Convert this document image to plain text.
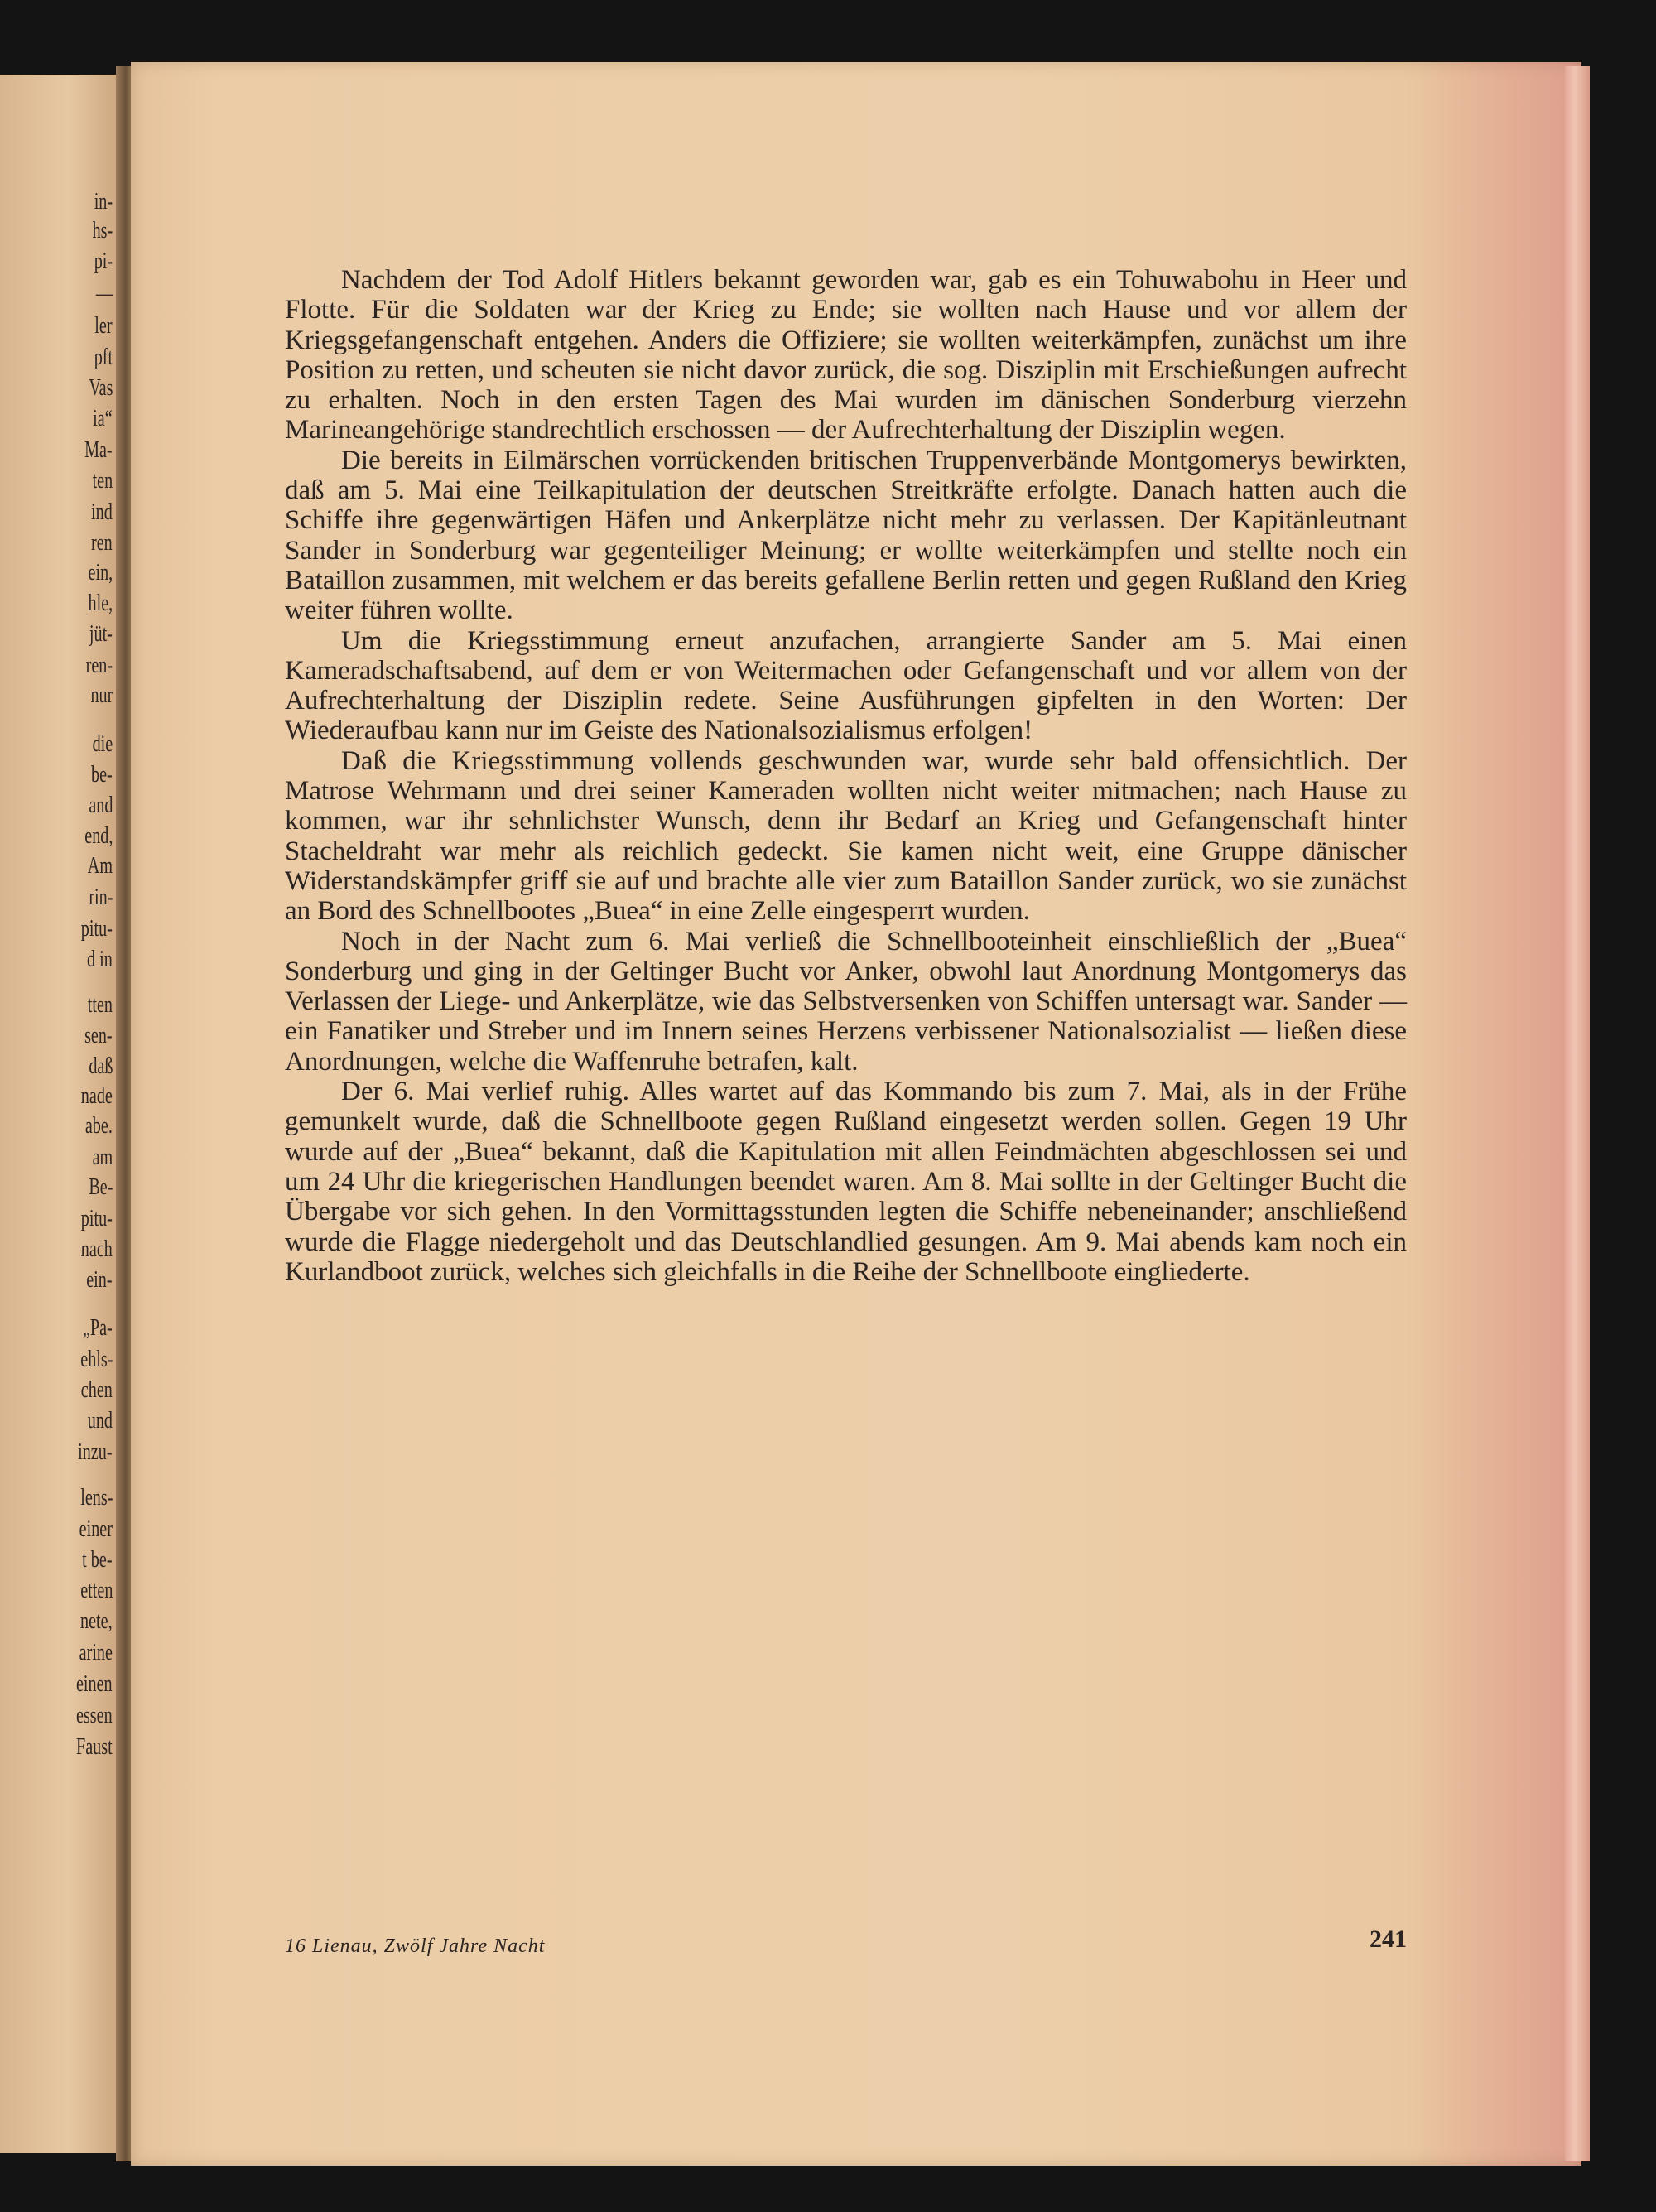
in-
hs-
pi-
—
ler
pft
Vas
ia“
Ma-
ten
ind
ren
ein,
hle,
jüt-
ren-
nur
die
be-
and
end,
Am
rin-
pitu-
d in
tten
sen-
daß
nade
abe.
am
Be-
pitu-
nach
ein-
„Pa-
ehls-
chen
und
inzu-
lens-
einer
t be-
etten
nete,
arine
einen
essen
Faust

Nachdem der Tod Adolf Hitlers bekannt geworden war, gab es ein Tohuwabohu in Heer und Flotte. Für die Soldaten war der Krieg zu Ende; sie wollten nach Hause und vor allem der Kriegsgefangenschaft entgehen. Anders die Offiziere; sie wollten weiterkämpfen, zunächst um ihre Position zu retten, und scheuten sie nicht davor zurück, die sog. Disziplin mit Erschießungen aufrecht zu erhalten. Noch in den ersten Tagen des Mai wurden im dänischen Sonderburg vierzehn Marineangehörige standrechtlich erschossen — der Aufrechterhaltung der Disziplin wegen.

Die bereits in Eilmärschen vorrückenden britischen Truppenverbände Montgomerys bewirkten, daß am 5. Mai eine Teilkapitulation der deutschen Streitkräfte erfolgte. Danach hatten auch die Schiffe ihre gegenwärtigen Häfen und Ankerplätze nicht mehr zu verlassen. Der Kapitänleutnant Sander in Sonderburg war gegenteiliger Meinung; er wollte weiterkämpfen und stellte noch ein Bataillon zusammen, mit welchem er das bereits gefallene Berlin retten und gegen Rußland den Krieg weiter führen wollte.

Um die Kriegsstimmung erneut anzufachen, arrangierte Sander am 5. Mai einen Kameradschaftsabend, auf dem er von Weitermachen oder Gefangenschaft und vor allem von der Aufrechterhaltung der Disziplin redete. Seine Ausführungen gipfelten in den Worten: Der Wiederaufbau kann nur im Geiste des Nationalsozialismus erfolgen!

Daß die Kriegsstimmung vollends geschwunden war, wurde sehr bald offensichtlich. Der Matrose Wehrmann und drei seiner Kameraden wollten nicht weiter mitmachen; nach Hause zu kommen, war ihr sehnlichster Wunsch, denn ihr Bedarf an Krieg und Gefangenschaft hinter Stacheldraht war mehr als reichlich gedeckt. Sie kamen nicht weit, eine Gruppe dänischer Widerstandskämpfer griff sie auf und brachte alle vier zum Bataillon Sander zurück, wo sie zunächst an Bord des Schnellbootes „Buea“ in eine Zelle eingesperrt wurden.

Noch in der Nacht zum 6. Mai verließ die Schnellbooteinheit einschließlich der „Buea“ Sonderburg und ging in der Geltinger Bucht vor Anker, obwohl laut Anordnung Montgomerys das Verlassen der Liege- und Ankerplätze, wie das Selbstversenken von Schiffen untersagt war. Sander — ein Fanatiker und Streber und im Innern seines Herzens verbissener Nationalsozialist — ließen diese Anordnungen, welche die Waffenruhe betrafen, kalt.

Der 6. Mai verlief ruhig. Alles wartet auf das Kommando bis zum 7. Mai, als in der Frühe gemunkelt wurde, daß die Schnellboote gegen Rußland eingesetzt werden sollen. Gegen 19 Uhr wurde auf der „Buea“ bekannt, daß die Kapitulation mit allen Feindmächten abgeschlossen sei und um 24 Uhr die kriegerischen Handlungen beendet waren. Am 8. Mai sollte in der Geltinger Bucht die Übergabe vor sich gehen. In den Vormittagsstunden legten die Schiffe nebeneinander; anschließend wurde die Flagge niedergeholt und das Deutschlandlied gesungen. Am 9. Mai abends kam noch ein Kurlandboot zurück, welches sich gleichfalls in die Reihe der Schnellboote eingliederte.

16 Lienau, Zwölf Jahre Nacht	241
